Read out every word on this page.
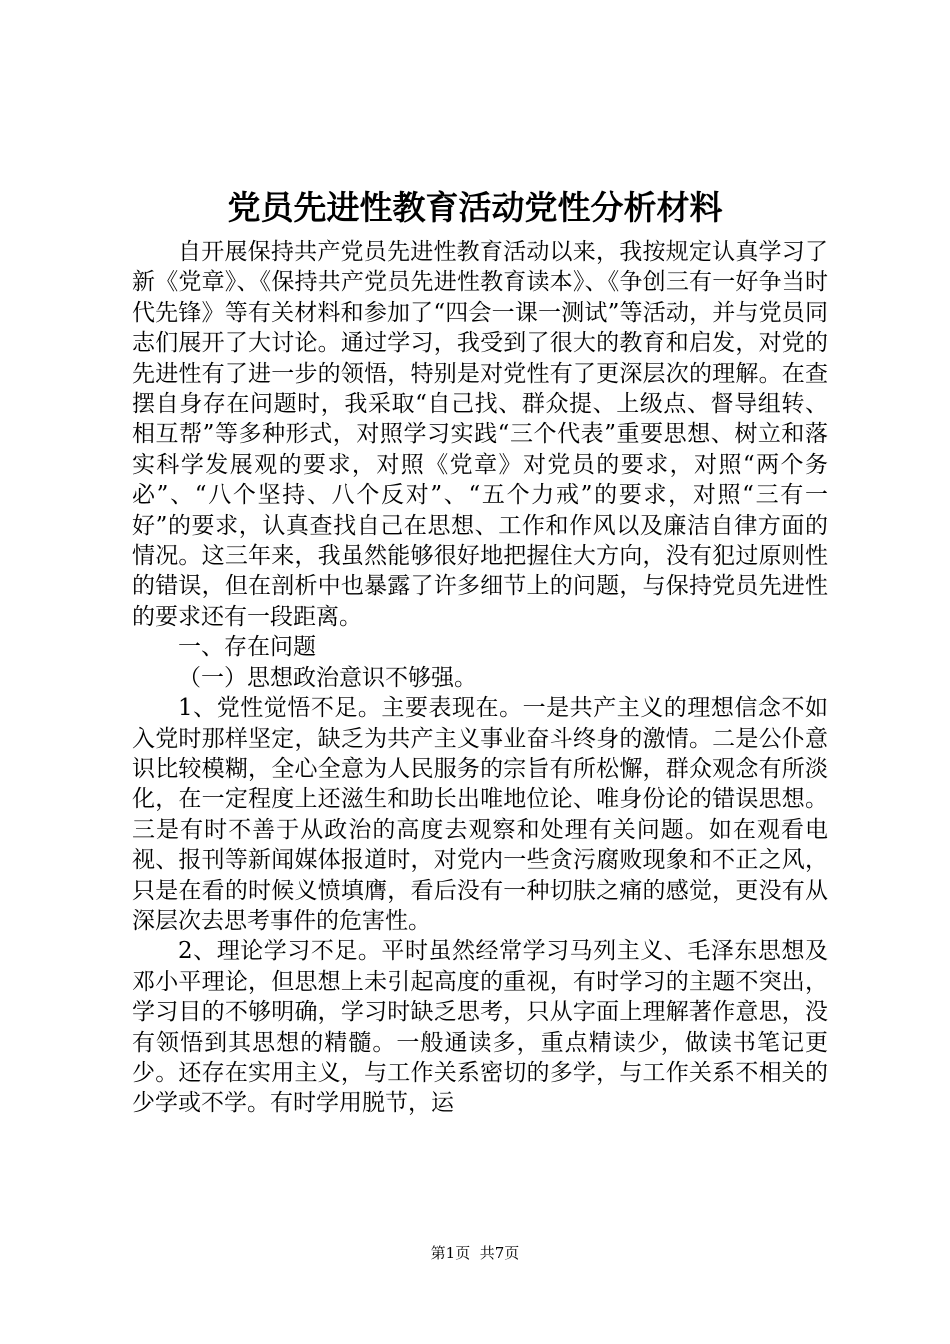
党员先进性教育活动党性分析材料

自开展保持共产党员先进性教育活动以来，我按规定认真学习了新《党章》、《保持共产党员先进性教育读本》、《争创三有一好争当时代先锋》等有关材料和参加了“四会一课一测试”等活动，并与党员同志们展开了大讨论。通过学习，我受到了很大的教育和启发，对党的先进性有了进一步的领悟，特别是对党性有了更深层次的理解。在查摆自身存在问题时，我采取“自己找、群众提、上级点、督导组转、相互帮”等多种形式，对照学习实践“三个代表”重要思想、树立和落实科学发展观的要求，对照《党章》对党员的要求，对照“两个务必”、“八个坚持、八个反对”、“五个力戒”的要求，对照“三有一好”的要求，认真查找自己在思想、工作和作风以及廉洁自律方面的情况。这三年来，我虽然能够很好地把握住大方向，没有犯过原则性的错误，但在剖析中也暴露了许多细节上的问题，与保持党员先进性的要求还有一段距离。

一、存在问题

（一）思想政治意识不够强。

1、党性觉悟不足。主要表现在。一是共产主义的理想信念不如入党时那样坚定，缺乏为共产主义事业奋斗终身的激情。二是公仆意识比较模糊，全心全意为人民服务的宗旨有所松懈，群众观念有所淡化，在一定程度上还滋生和助长出唯地位论、唯身份论的错误思想。三是有时不善于从政治的高度去观察和处理有关问题。如在观看电视、报刊等新闻媒体报道时，对党内一些贪污腐败现象和不正之风，只是在看的时候义愤填膺，看后没有一种切肤之痛的感觉，更没有从深层次去思考事件的危害性。

2、理论学习不足。平时虽然经常学习马列主义、毛泽东思想及邓小平理论，但思想上未引起高度的重视，有时学习的主题不突出，学习目的不够明确，学习时缺乏思考，只从字面上理解著作意思，没有领悟到其思想的精髓。一般通读多，重点精读少，做读书笔记更少。还存在实用主义，与工作关系密切的多学，与工作关系不相关的少学或不学。有时学用脱节，运

第1页 共7页
